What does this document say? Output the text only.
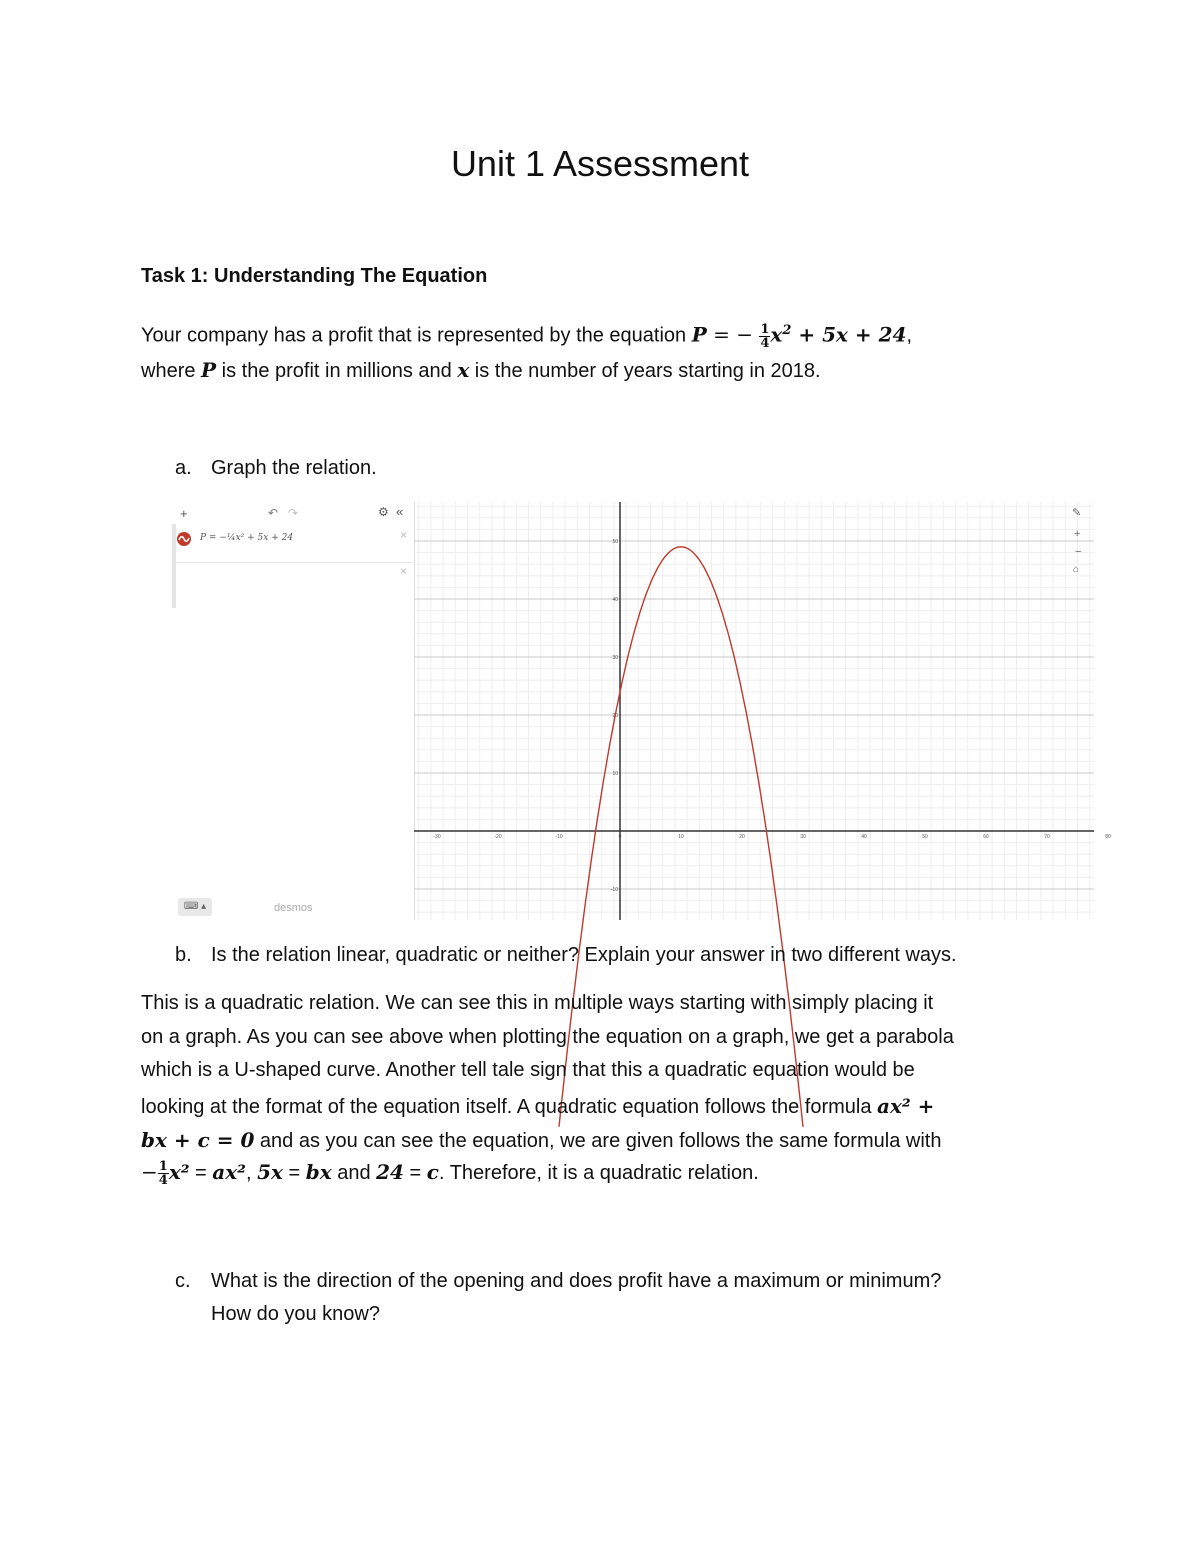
Unit 1 Assessment
Task 1: Understanding The Equation
Your company has a profit that is represented by the equation P = − $\frac{1}{4} x^2 + 5x + 24$,
where P is the profit in millions and x is the number of years starting in 2018.
a. Graph the relation.
+	↶ ↷	⚙ «
P = −¼x² + 5x + 24	×
×
⌨ ▴	desmos
-30	-20	-10	0	10	20	30	40	50	60	70	80
50
40
30
20
10
-10
✎
+
−
⌂
b. Is the relation linear, quadratic or neither? Explain your answer in two different ways.
This is a quadratic relation. We can see this in multiple ways starting with simply placing it
on a graph. As you can see above when plotting the equation on a graph, we get a parabola
which is a U-shaped curve. Another tell tale sign that this a quadratic equation would be
looking at the format of the equation itself. A quadratic equation follows the formula ax² +
bx + c = 0 and as you can see the equation, we are given follows the same formula with
− $\frac{1}{4} x^2 = ax^2$, 5x = bx and 24 = c. Therefore, it is a quadratic relation.
c. What is the direction of the opening and does profit have a maximum or minimum?
How do you know?
